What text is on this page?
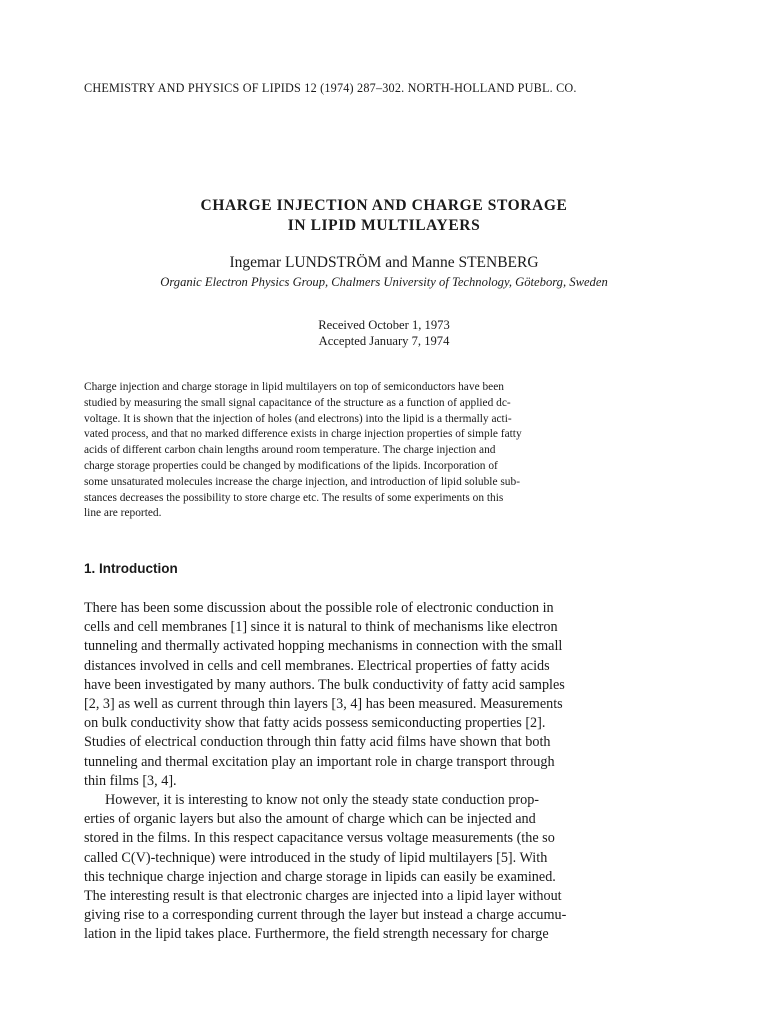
CHEMISTRY AND PHYSICS OF LIPIDS 12 (1974) 287–302. NORTH-HOLLAND PUBL. CO.
CHARGE INJECTION AND CHARGE STORAGE
IN LIPID MULTILAYERS
Ingemar LUNDSTRÖM and Manne STENBERG
Organic Electron Physics Group, Chalmers University of Technology, Göteborg, Sweden
Received October 1, 1973
Accepted January 7, 1974
Charge injection and charge storage in lipid multilayers on top of semiconductors have been
studied by measuring the small signal capacitance of the structure as a function of applied dc-
voltage. It is shown that the injection of holes (and electrons) into the lipid is a thermally acti-
vated process, and that no marked difference exists in charge injection properties of simple fatty
acids of different carbon chain lengths around room temperature. The charge injection and
charge storage properties could be changed by modifications of the lipids. Incorporation of
some unsaturated molecules increase the charge injection, and introduction of lipid soluble sub-
stances decreases the possibility to store charge etc. The results of some experiments on this
line are reported.
1. Introduction
There has been some discussion about the possible role of electronic conduction in
cells and cell membranes [1] since it is natural to think of mechanisms like electron
tunneling and thermally activated hopping mechanisms in connection with the small
distances involved in cells and cell membranes. Electrical properties of fatty acids
have been investigated by many authors. The bulk conductivity of fatty acid samples
[2, 3] as well as current through thin layers [3, 4] has been measured. Measurements
on bulk conductivity show that fatty acids possess semiconducting properties [2].
Studies of electrical conduction through thin fatty acid films have shown that both
tunneling and thermal excitation play an important role in charge transport through
thin films [3, 4].
However, it is interesting to know not only the steady state conduction prop-
erties of organic layers but also the amount of charge which can be injected and
stored in the films. In this respect capacitance versus voltage measurements (the so
called C(V)-technique) were introduced in the study of lipid multilayers [5]. With
this technique charge injection and charge storage in lipids can easily be examined.
The interesting result is that electronic charges are injected into a lipid layer without
giving rise to a corresponding current through the layer but instead a charge accumu-
lation in the lipid takes place. Furthermore, the field strength necessary for charge
